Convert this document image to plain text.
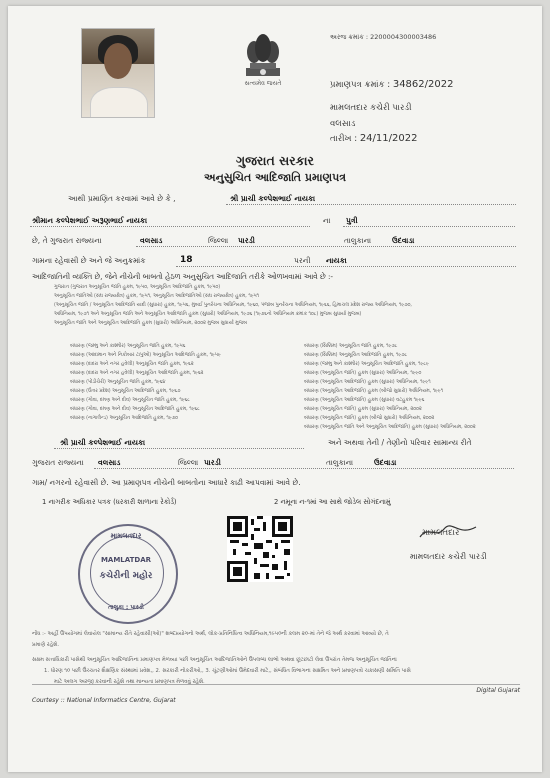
સત્યમેવ જયતે
અરજ ક્રમાંક : 2200004300003486
પ્રમાણપત્ર ક્રમાંક : 34862/2022
મામલતદાર કચેરી પારડી
વલસાડ
તારીખ : 24/11/2022
ગુજરાત સરકાર
અનુસુચિત આદિજાતિ પ્રમાણપત્ર
આથી પ્રમાણિત કરવામાં આવે છે કે ,	શ્રી પ્રાચી કલ્પેશભાઈ નાયકા
શ્રીમાન કલ્પેશભાઈ અરૂણભાઈ નાયકા	ના પુત્રી
છે, તે ગુજરાત રાજ્યના	વલસાડ	જિલ્લા પારડી	તાલુકાના	ઉદવાડા
ગામના રહેવાસી છે અને જે અનુક્રમાંક	18	પરની નાયકા
આદિજાતિની વ્યક્તિ છે, જેને નીચેની બાબતો હેઠળ અનુસુચિત આદિજાતિ તરીકે ઓળખવામાં આવે છે :-
ગુજરાત (ગુજરાત અનુસૂચિત જાતિ હુકમ, ૧૯૫૦, અનુસૂચિત આદિજાતિ હુકમ, ૧૯૫૦)
અનુસૂચિત જાતિઓ (સંઘ રાજ્યક્ષેત્ર) હુકમ, ૧૯૫૧, અનુસૂચિત આદિજાતિઓ (સંઘ રાજ્યક્ષેત્ર) હુકમ, ૧૯૫૧
(અનુસૂચિત જાતિ / અનુસૂચિત આદિજાતિ યાદી (સુધારા) હુકમ, ૧૯૫૬, મુંબઈ પુનર્રચના અધિનિયમ, ૧૯૬૦, પંજાબ પુનર્રચના અધિનિયમ, ૧૯૬૬, હિમાચલ પ્રદેશ રાજ્ય અધિનિયમ, ૧૯૭૦,
અધિનિયમ, ૧૯૭૧ અને અનુસૂચિત જાતિ અને અનુસૂચિત આદિજાતિ હુકમ (સુધારો) અધિનિયમ, ૧૯૭૬ (૧૯૭૬નો અધિનિયમ ક્રમાંક ૧૦૮) મુજબ સુધાર્યા મુજબ)
અનુસૂચિત જાતિ અને અનુસૂચિત આદિજાતિ હુકમ (સુધારો) અધિનિયમ, ૨૦૦૨ મુજબ સુધાર્યા મુજબ
બંધારણ (જમ્મુ અને કાશ્મીર) અનુસૂચિત જાતિ હુકમ, ૧૯૫૬
બંધારણ (આંદામાન અને નિકોબાર ટાપુઓ) અનુસૂચિત આદિજાતિ હુકમ, ૧૯૫૯
બંધારણ (દાદરા અને નગર હવેલી) અનુસૂચિત જાતિ હુકમ, ૧૯૬૨
બંધારણ (દાદરા અને નગર હવેલી) અનુસૂચિત આદિજાતિ હુકમ, ૧૯૬૨
બંધારણ (પોંડીચેરી) અનુસૂચિત જાતિ હુકમ, ૧૯૬૪
બંધારણ (ઉત્તર પ્રદેશ) અનુસૂચિત આદિજાતિ હુકમ, ૧૯૬૭
બંધારણ (ગોવા, દમણ અને દીવ) અનુસૂચિત જાતિ હુકમ, ૧૯૬૮
બંધારણ (ગોવા, દમણ અને દીવ) અનુસૂચિત આદિજાતિ હુકમ, ૧૯૬૮
બંધારણ (નાગાલેન્ડ) અનુસૂચિત આદિજાતિ હુકમ, ૧૯૭૦
બંધારણ (સિક્કિમ) અનુસૂચિત જાતિ હુકમ, ૧૯૭૮
બંધારણ (સિક્કિમ) અનુસૂચિત આદિજાતિ હુકમ, ૧૯૭૮
બંધારણ (જમ્મુ અને કાશ્મીર) અનુસૂચિત આદિજાતિ હુકમ, ૧૯૮૯
બંધારણ (અનુસૂચિત જાતિ) હુકમ (સુધારા) અધિનિયમ, ૧૯૯૦
બંધારણ (અનુસૂચિત આદિજાતિ) હુકમ (સુધારા) અધિનિયમ, ૧૯૯૧
બંધારણ (અનુસૂચિત આદિજાતિ) હુકમ (બીજો સુધારો) અધિનિયમ, ૧૯૯૧
બંધારણ (અનુસૂચિત આદિજાતિ) હુકમ (સુધારા) વટહુકમ ૧૯૯૬
બંધારણ (અનુસૂચિત જાતિ) હુકમ (સુધારા) અધિનિયમ, ૨૦૦૨
બંધારણ (અનુસૂચિત જાતિ) હુકમ (બીજો સુધારો) અધિનિયમ, ૨૦૦૨
બંધારણ (અનુસૂચિત જાતિ અને અનુસૂચિત આદિજાતિ) હુકમ (સુધારા) અધિનિયમ, ૨૦૦૨
શ્રી પ્રાચી કલ્પેશભાઈ નાયકા	અને અથવા તેની / તેણીનો પરિવાર સામાન્ય રીતે
ગુજરાત રાજ્યના વલસાડ	જિલ્લા પારડી	તાલુકાના	ઉદવાડા
ગામ/ નગરનો રહેવાસી છે. આ પ્રમાણપત્ર નીચેની બાબતોના આધારે કાઢી આપવામાં આવે છે.
1 નાગરીક અધિકાર પત્રક (ધરકારી શાળાના રેકોર્ડ)	2 નમૂના ન-૧માં આ સાથે જોડેલ સોગંદનામું
મામલતદાર
MAMLATDAR
કચેરીની મહોર
તાલુકા : પારડી
મામલતદાર
મામલતદાર કચેરી પારડી
નોંધ :- અહીં ઉપયોગમાં લેવાયેલ "સામાન્ય રીતે રહેવાસી(ઓ)" શબ્દપ્રયોગનો અર્થ, લોક-પ્રતિનિધિત્વ અધિનિયમ,૧૯૫૦ની કલમ ૨૦-માં તેને જે અર્થ કરવામાં આવ્યો છે, તે
પ્રમાણે રહેશે.
સક્ષમ સત્તાધિકારી પાસેથી અનુસૂચિત આદિજાતિના પ્રમાણપત્ર મેળવ્યા પછી અનુસૂચિત આદિજાતિઓને ઉપલબ્ધ લાભો અથવા છૂટછાટો લેવા ઉપરાંત તેમજ અનુસૂચિત જાતિના
1. ધોરણ ૧૦ પછી ઉંચ્ચતર શૈક્ષણિક સંસ્થામાં પ્રવેશ,, 2. સરકારી નોકરીઓ,, 3. ચૂંટણીઓમાં ઉમેદવારી માટે,, સંબંધિત વિભાગના સક્ષમિત અને પ્રમાણપત્રો ચકાસણી સમિતિ પાસે
માટે અલગ અરજી કરવાની રહેશે તથા માન્યતા પ્રમાણપત્ર મેળવવું રહેશે.
Courtesy :: National Informatics Centre, Gujarat
Digital Gujarat
